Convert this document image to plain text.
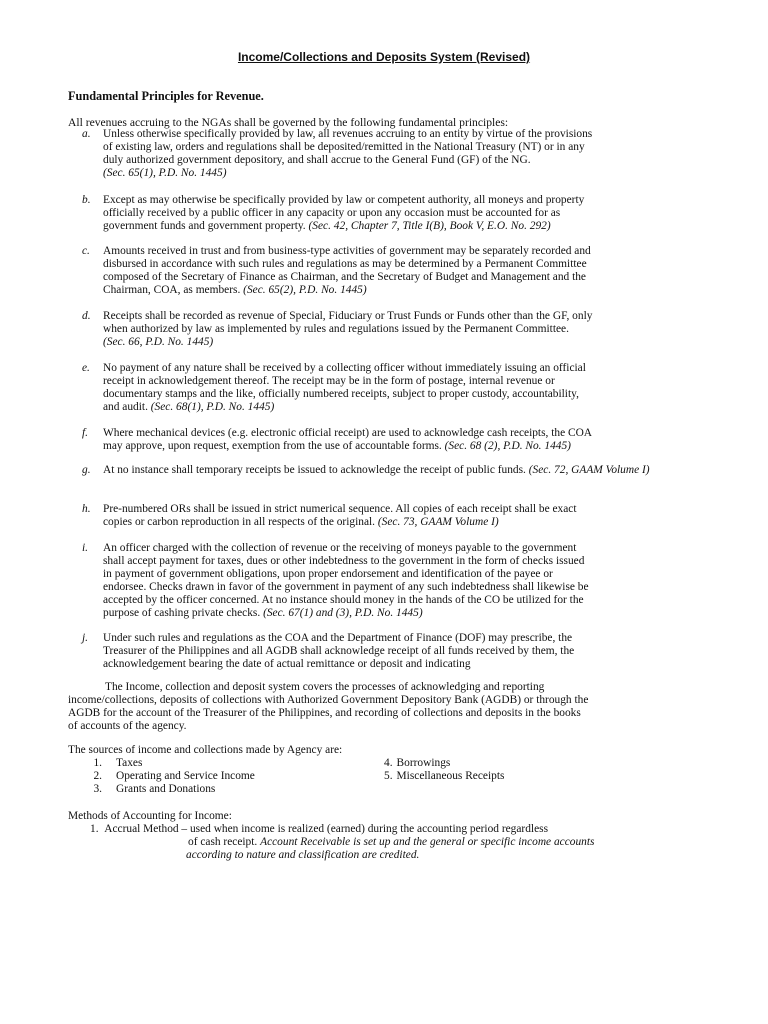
Income/Collections and Deposits System (Revised)
Fundamental Principles for Revenue.
All revenues accruing to the NGAs shall be governed by the following fundamental principles:
a. Unless otherwise specifically provided by law, all revenues accruing to an entity by virtue of the provisions
of existing law, orders and regulations shall be deposited/remitted in the National Treasury (NT) or in any
duly authorized government depository, and shall accrue to the General Fund (GF) of the NG.
(Sec. 65(1), P.D. No. 1445)
b. Except as may otherwise be specifically provided by law or competent authority, all moneys and property
officially received by a public officer in any capacity or upon any occasion must be accounted for as
government funds and government property. (Sec. 42, Chapter 7, Title I(B), Book V, E.O. No. 292)
c. Amounts received in trust and from business-type activities of government may be separately recorded and
disbursed in accordance with such rules and regulations as may be determined by a Permanent Committee
composed of the Secretary of Finance as Chairman, and the Secretary of Budget and Management and the
Chairman, COA, as members. (Sec. 65(2), P.D. No. 1445)
d. Receipts shall be recorded as revenue of Special, Fiduciary or Trust Funds or Funds other than the GF, only
when authorized by law as implemented by rules and regulations issued by the Permanent Committee.
(Sec. 66, P.D. No. 1445)
e. No payment of any nature shall be received by a collecting officer without immediately issuing an official
receipt in acknowledgement thereof. The receipt may be in the form of postage, internal revenue or
documentary stamps and the like, officially numbered receipts, subject to proper custody, accountability,
and audit. (Sec. 68(1), P.D. No. 1445)
f. Where mechanical devices (e.g. electronic official receipt) are used to acknowledge cash receipts, the COA
may approve, upon request, exemption from the use of accountable forms. (Sec. 68 (2), P.D. No. 1445)
g. At no instance shall temporary receipts be issued to acknowledge the receipt of public funds. (Sec. 72, GAAM Volume I)
h. Pre-numbered ORs shall be issued in strict numerical sequence. All copies of each receipt shall be exact
copies or carbon reproduction in all respects of the original. (Sec. 73, GAAM Volume I)
i. An officer charged with the collection of revenue or the receiving of moneys payable to the government
shall accept payment for taxes, dues or other indebtedness to the government in the form of checks issued
in payment of government obligations, upon proper endorsement and identification of the payee or
endorsee. Checks drawn in favor of the government in payment of any such indebtedness shall likewise be
accepted by the officer concerned. At no instance should money in the hands of the CO be utilized for the
purpose of cashing private checks. (Sec. 67(1) and (3), P.D. No. 1445)
j. Under such rules and regulations as the COA and the Department of Finance (DOF) may prescribe, the
Treasurer of the Philippines and all AGDB shall acknowledge receipt of all funds received by them, the
acknowledgement bearing the date of actual remittance or deposit and indicating
The Income, collection and deposit system covers the processes of acknowledging and reporting
income/collections, deposits of collections with Authorized Government Depository Bank (AGDB) or through the
AGDB for the account of the Treasurer of the Philippines, and recording of collections and deposits in the books
of accounts of the agency.
The sources of income and collections made by Agency are:
1. Taxes
2. Operating and Service Income
3. Grants and Donations
4. Borrowings
5. Miscellaneous Receipts
Methods of Accounting for Income:
1. Accrual Method – used when income is realized (earned) during the accounting period regardless
of cash receipt. Account Receivable is set up and the general or specific income accounts
according to nature and classification are credited.
